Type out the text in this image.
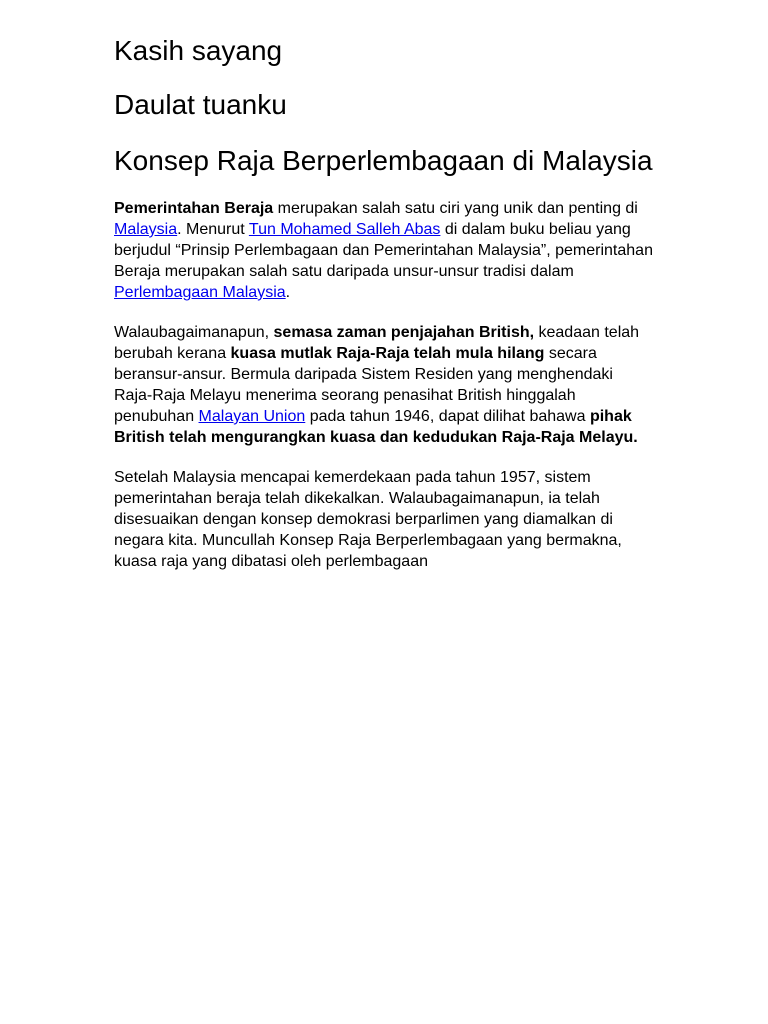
Kasih sayang
Daulat tuanku
Konsep Raja Berperlembagaan di Malaysia

Pemerintahan Beraja merupakan salah satu ciri yang unik dan penting di Malaysia. Menurut Tun Mohamed Salleh Abas di dalam buku beliau yang berjudul “Prinsip Perlembagaan dan Pemerintahan Malaysia”, pemerintahan Beraja merupakan salah satu daripada unsur-unsur tradisi dalam Perlembagaan Malaysia.

Walaubagaimanapun, semasa zaman penjajahan British, keadaan telah berubah kerana kuasa mutlak Raja-Raja telah mula hilang secara beransur-ansur. Bermula daripada Sistem Residen yang menghendaki Raja-Raja Melayu menerima seorang penasihat British hinggalah penubuhan Malayan Union pada tahun 1946, dapat dilihat bahawa pihak British telah mengurangkan kuasa dan kedudukan Raja-Raja Melayu.

Setelah Malaysia mencapai kemerdekaan pada tahun 1957, sistem pemerintahan beraja telah dikekalkan. Walaubagaimanapun, ia telah disesuaikan dengan konsep demokrasi berparlimen yang diamalkan di negara kita. Muncullah Konsep Raja Berperlembagaan yang bermakna, kuasa raja yang dibatasi oleh perlembagaan
